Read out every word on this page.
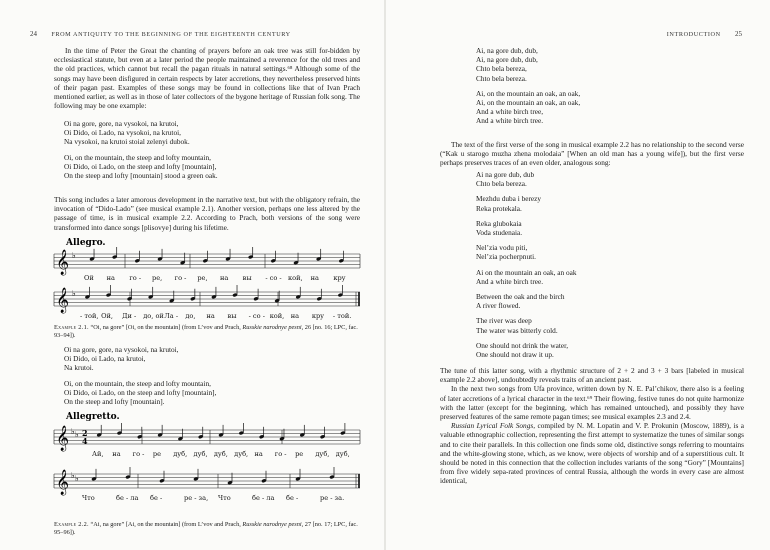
24 FROM ANTIQUITY TO THE BEGINNING OF THE EIGHTEENTH CENTURY

In the time of Peter the Great the chanting of prayers before an oak tree was still for-bidden by ecclesiastical statute, but even at a later period the people maintained a reverence for the old trees and the old practices, which cannot but recall the pagan rituals in natural settings.⁶⁸ Although some of the songs may have been disfigured in certain respects by later accretions, they nevertheless preserved hints of their pagan past. Examples of these songs may be found in collections like that of Ivan Prach mentioned earlier, as well as in those of later collectors of the bygone heritage of Russian folk song. The following may be one example:

Oi na gore, gore, na vysokoi, na krutoi,
Oi Dido, oi Lado, na vysokoi, na krutoi,
Na vysokoi, na krutoi stoial zelenyi dubok.
Oi, on the mountain, the steep and lofty mountain,
Oi Dido, oi Lado, on the steep and lofty [mountain],
On the steep and lofty [mountain] stood a green oak.

This song includes a later amorous development in the narrative text, but with the obligatory refrain, the invocation of “Dido-Lado” (see musical example 2.1). Another version, perhaps one less altered by the passage of time, is in musical example 2.2. According to Prach, both versions of the song were transformed into dance songs [plisovye] during his lifetime.

Allegro.
𝄞 ♭
Ой на го - ре, го - ре, на вы - со - кой, на кру
𝄞 ♭
- той, Ой, Ди - до, ой Ла - до, на вы - со - кой, на кру - той.
Example 2.1. “Oi, na gore” [Oi, on the mountain] (from L’vov and Prach, Russkie narodnye pesni, 26 [no. 16; LPC, fac. 93–94]).
Oi na gore, gore, na vysokoi, na krutoi,
Oi Dido, oi Lado, na krutoi,
Na krutoi.
Oi, on the mountain, the steep and lofty mountain,
Oi Dido, oi Lado, on the steep and lofty [mountain],
On the steep and lofty [mountain].
Allegretto.
𝄞 ♭ ♭ 2
4
Ай, на го - ре дуб, дуб, дуб, дуб, на го - ре дуб, дуб,
𝄞 ♭ ♭
Что	бе - ла бе -	ре - за, Что	бе - ла бе -	ре - за.
Example 2.2. “Ai, na gore” [Ai, on the mountain] (from L’vov and Prach, Russkie narodnye pesni, 27 [no. 17; LPC, fac. 95–96]).
INTRODUCTION 25
Ai, na gore dub, dub,
Ai, na gore dub, dub,
Chto bela bereza,
Chto bela bereza.
Ai, on the mountain an oak, an oak,
Ai, on the mountain an oak, an oak,
And a white birch tree,
And a white birch tree.

The text of the first verse of the song in musical example 2.2 has no relationship to the second verse (“Kak u starogo muzha zhena molodaia” [When an old man has a young wife]), but the first verse perhaps preserves traces of an even older, analogous song:

Ai na gore dub, dub
Chto bela bereza.
Mezhdu duba i berezy
Reka protekala.
Reka glubokaia
Voda studenaia.
Nel’zia vodu piti,
Nel’zia pocherpnuti.
Ai on the mountain an oak, an oak
And a white birch tree.
Between the oak and the birch
A river flowed.
The river was deep
The water was bitterly cold.
One should not drink the water,
One should not draw it up.

The tune of this latter song, with a rhythmic structure of 2 + 2 and 3 + 3 bars [labeled in musical example 2.2 above], undoubtedly reveals traits of an ancient past.

In the next two songs from Ufa province, written down by N. E. Pal’chikov, there also is a feeling of later accretions of a lyrical character in the text.⁶⁹ Their flowing, festive tunes do not quite harmonize with the latter (except for the beginning, which has remained untouched), and possibly they have preserved features of the same remote pagan times; see musical examples 2.3 and 2.4.

Russian Lyrical Folk Songs, compiled by N. M. Lopatin and V. P. Prokunin (Moscow, 1889), is a valuable ethnographic collection, representing the first attempt to systematize the tunes of similar songs and to cite their parallels. In this collection one finds some old, distinctive songs referring to mountains and the white-glowing stone, which, as we know, were objects of worship and of a superstitious cult. It should be noted in this connection that the collection includes variants of the song “Gory” [Mountains] from five widely sepa-rated provinces of central Russia, although the words in every case are almost identical,
